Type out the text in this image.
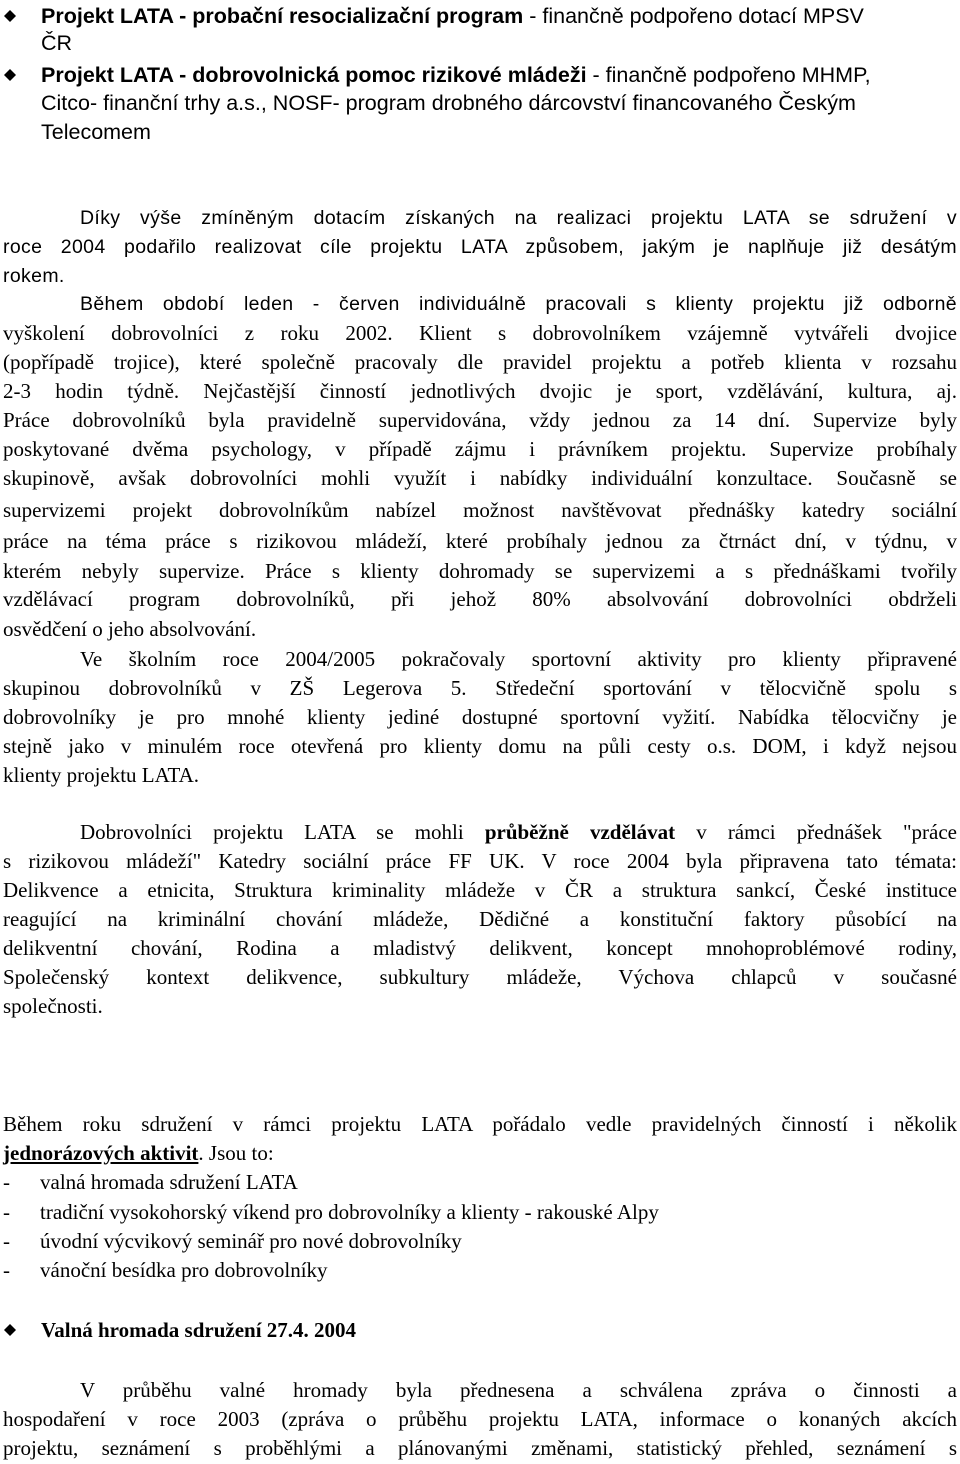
Projekt LATA - probační resocializační program - finančně podpořeno dotací MPSV
ČR
Projekt LATA - dobrovolnická pomoc rizikové mládeži - finančně podpořeno MHMP,
Citco- finanční trhy a.s., NOSF- program drobného dárcovství financovaného Českým
Telecomem
Díky výše zmíněným dotacím získaných na realizaci projektu LATA se sdružení v
roce 2004 podařilo realizovat cíle projektu LATA způsobem, jakým je naplňuje již desátým
rokem.
Během období leden - červen individuálně pracovali s klienty projektu již odborně
vyškolení dobrovolníci z roku 2002. Klient s dobrovolníkem vzájemně vytvářeli dvojice
(popřípadě trojice), které společně pracovaly dle pravidel projektu a potřeb klienta v rozsahu
2-3 hodin týdně. Nejčastější činností jednotlivých dvojic je sport, vzdělávání, kultura, aj.
Práce dobrovolníků byla pravidelně supervidována, vždy jednou za 14 dní. Supervize byly
poskytované dvěma psychology, v případě zájmu i právníkem projektu. Supervize probíhaly
skupinově, avšak dobrovolníci mohli využít i nabídky individuální konzultace. Současně se
supervizemi projekt dobrovolníkům nabízel možnost navštěvovat přednášky katedry sociální
práce na téma práce s rizikovou mládeží, které probíhaly jednou za čtrnáct dní, v týdnu, v
kterém nebyly supervize. Práce s klienty dohromady se supervizemi a s přednáškami tvořily
vzdělávací program dobrovolníků, při jehož 80% absolvování dobrovolníci obdrželi
osvědčení o jeho absolvování.
Ve školním roce 2004/2005 pokračovaly sportovní aktivity pro klienty připravené
skupinou dobrovolníků v ZŠ Legerova 5. Středeční sportování v tělocvičně spolu s
dobrovolníky je pro mnohé klienty jediné dostupné sportovní vyžití. Nabídka tělocvičny je
stejně jako v minulém roce otevřená pro klienty domu na půli cesty o.s. DOM, i když nejsou
klienty projektu LATA.
Dobrovolníci projektu LATA se mohli průběžně vzdělávat v rámci přednášek "práce
s rizikovou mládeží" Katedry sociální práce FF UK. V roce 2004 byla připravena tato témata:
Delikvence a etnicita, Struktura kriminality mládeže v ČR a struktura sankcí, České instituce
reagující na kriminální chování mládeže, Dědičné a konstituční faktory působící na
delikventní chování, Rodina a mladistvý delikvent, koncept mnohoproblémové rodiny,
Společenský kontext delikvence, subkultury mládeže, Výchova chlapců v současné
společnosti.
Během roku sdružení v rámci projektu LATA pořádalo vedle pravidelných činností i několik
jednorázových aktivit. Jsou to:
- valná hromada sdružení LATA
- tradiční vysokohorský víkend pro dobrovolníky a klienty - rakouské Alpy
- úvodní výcvikový seminář pro nové dobrovolníky
- vánoční besídka pro dobrovolníky
Valná hromada sdružení 27.4. 2004
V průběhu valné hromady byla přednesena a schválena zpráva o činnosti a
hospodaření v roce 2003 (zpráva o průběhu projektu LATA, informace o konaných akcích
projektu, seznámení s proběhlými a plánovanými změnami, statistický přehled, seznámení s
